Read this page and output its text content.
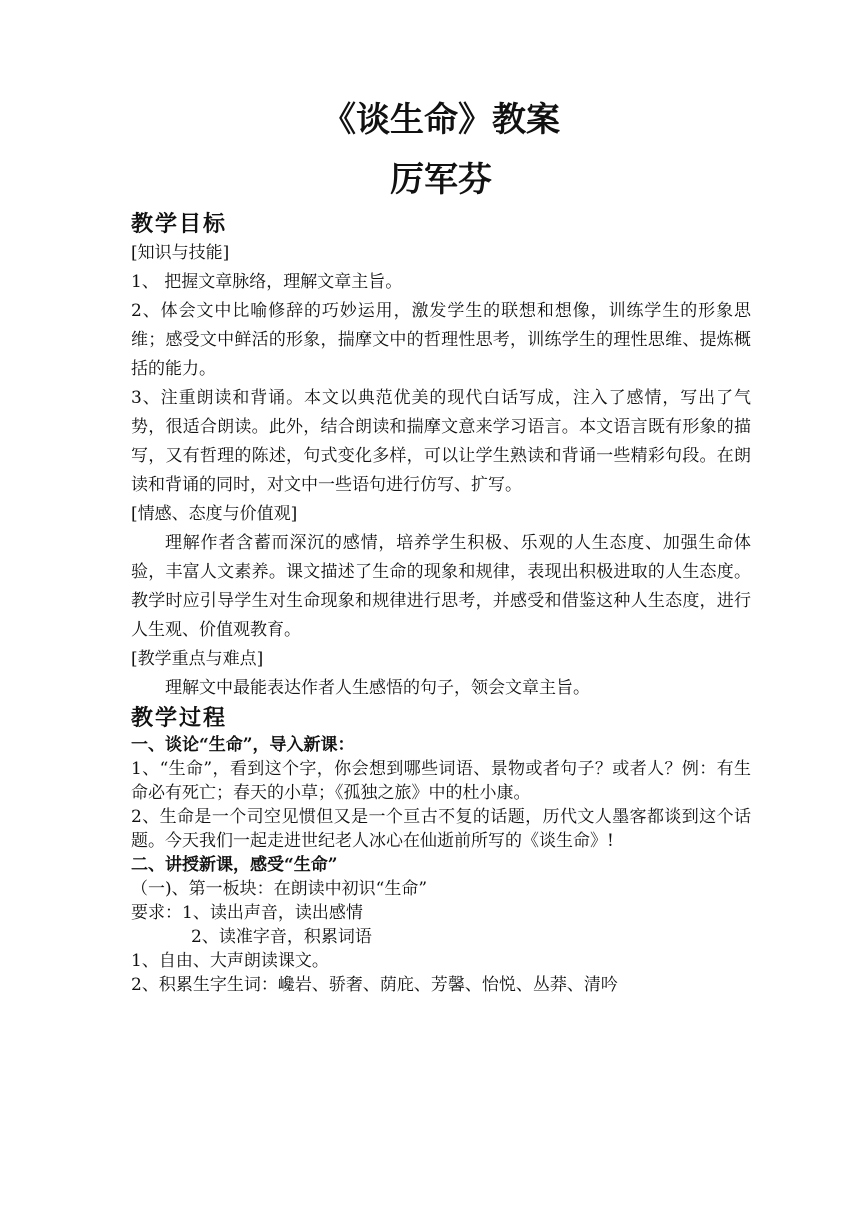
《谈生命》教案
厉军芬
教学目标

[知识与技能]

1、 把握文章脉络，理解文章主旨。

2、体会文中比喻修辞的巧妙运用，激发学生的联想和想像，训练学生的形象思维；感受文中鲜活的形象，揣摩文中的哲理性思考，训练学生的理性思维、提炼概括的能力。

3、注重朗读和背诵。本文以典范优美的现代白话写成，注入了感情，写出了气势，很适合朗读。此外，结合朗读和揣摩文意来学习语言。本文语言既有形象的描写，又有哲理的陈述，句式变化多样，可以让学生熟读和背诵一些精彩句段。在朗读和背诵的同时，对文中一些语句进行仿写、扩写。

[情感、态度与价值观]

理解作者含蓄而深沉的感情，培养学生积极、乐观的人生态度、加强生命体验，丰富人文素养。课文描述了生命的现象和规律，表现出积极进取的人生态度。教学时应引导学生对生命现象和规律进行思考，并感受和借鉴这种人生态度，进行人生观、价值观教育。

[教学重点与难点]

理解文中最能表达作者人生感悟的句子，领会文章主旨。

教学过程

一、谈论“生命”，导入新课：

1、“生命”，看到这个字，你会想到哪些词语、景物或者句子？或者人？例：有生命必有死亡；春天的小草；《孤独之旅》中的杜小康。

2、生命是一个司空见惯但又是一个亘古不复的话题，历代文人墨客都谈到这个话题。今天我们一起走进世纪老人冰心在仙逝前所写的《谈生命》!

二、讲授新课，感受“生命”

（一)、第一板块：在朗读中初识“生命”

要求：1、读出声音，读出感情

2、读准字音，积累词语

1、自由、大声朗读课文。

2、积累生字生词：巉岩、骄奢、荫庇、芳馨、怡悦、丛莽、清吟
